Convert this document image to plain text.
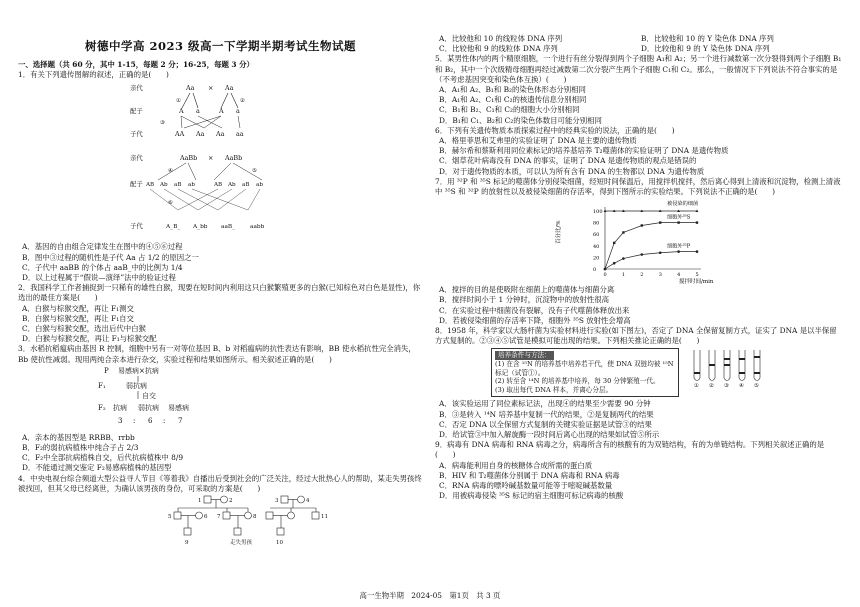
树德中学高 2023 级高一下学期半期考试生物试题

一、选择题（共 60 分，其中 1-15，每题 2 分；16-25，每题 3 分）

1．有关下列遗传图解的叙述，正确的是(　　)

亲代	Aa × Aa
①	②
配子	A a	A a
③
子代	AA Aa Aa aa
亲代	AaBb × AaBb
④	⑤
配子 AB Ab aB ab	AB Ab aB ab
⑥
子代	A_B_ A_bb aaB_	aabb

A．基因的自由组合定律发生在图中的④⑤⑥过程

B．图中③过程的随机性是子代 Aa 占 1/2 的原因之一

C．子代中 aaBB 的个体占 aaB_中的比例为 1/4

D．以上过程属于“假说—演绎”法中的验证过程

2．我国科学工作者捕捉到一只稀有的雄性白猴，现要在短时间内利用这只白猴繁殖更多的白猴(已知棕色对白色是显性)，你选出的最佳方案是(　　)

A．白猴与棕猴交配，再让 F₁测交

B．白猴与棕猴交配，再让 F₁自交

C．白猴与棕猴交配，选出后代中白猴

D．白猴与棕猴交配，再让 F₁与棕猴交配

3．水稻抗稻瘟病由基因 R 控制，细胞中另有一对等位基因 B、b 对稻瘟病的抗性表达有影响，BB 使水稻抗性完全消失，Bb 使抗性减弱。现用两纯合亲本进行杂交，实验过程和结果如图所示。相关叙述正确的是(　　)

P 易感病×抗病
F₁	弱抗病
自交
F₂ 抗病 弱抗病 易感病
3 : 6 : 7

A．亲本的基因型是 RRBB、rrbb

B．F₂的弱抗病植株中纯合子占 2/3

C．F₂中全部抗病植株自交，后代抗病植株中 8/9

D．不能通过测交鉴定 F₂易感病植株的基因型

4．中央电视台综合频道大型公益寻人节目《等着我》自播出后受到社会的广泛关注，经过大批热心人的帮助，某走失男孩终被找回，但其父母已经离世，为确认该男孩的身份，可采取的方案是(　　)

1	2	3	4
5	6 7	8
9	走失男孩	10
11

A．比较他和 10 的线粒体 DNA 序列	B．比较他和 10 的 Y 染色体 DNA 序列

C．比较他和 9 的线粒体 DNA 序列	D．比较他和 9 的 Y 染色体 DNA 序列

5．某男性体内的两个精原细胞，一个进行有丝分裂得到两个子细胞 A₁和 A₂；另一个进行减数第一次分裂得到两个子细胞 B₁和 B₂，其中一个次级精母细胞再经过减数第二次分裂产生两个子细胞 C₁和 C₂。那么，一般情况下下列说法不符合事实的是（不考虑基因突变和染色体互换）(　　)

A．A₁和 A₂、B₁和 B₂的染色体形态分别相同

B．A₁和 A₂、C₁和 C₂的核遗传信息分别相同

C．B₁和 B₂、C₁和 C₂的细胞大小分别相同

D．B₁和 C₁、B₂和 C₂的染色体数目可能分别相同

6．下列有关遗传物质本质探索过程中的经典实验的说法，正确的是(　　)

A．格里菲思和艾弗里的实验证明了 DNA 是主要的遗传物质

B．赫尔希和蔡斯利用同位素标记的培养基培养 T₂噬菌体的实验证明了 DNA 是遗传物质

C．烟草花叶病毒没有 DNA 的事实，证明了 DNA 是遗传物质的观点是错误的

D．对于遗传物质的本质，可以认为所有含有 DNA 的生物都以 DNA 为遗传物质

7．用 ³²P 和 ³⁵S 标记的噬菌体分别侵染细菌，经短时间保温后，用搅拌机搅拌，然后离心得到上清液和沉淀物，检测上清液中 ³⁵S 和 ³²P 的放射性以及被侵染细菌的存活率，得到下图所示的实验结果。下列说法不正确的是(　　)

0	1	2	3	4	5
0
20
40
60
80
100
百分比/%
搅拌时间/min
被侵染的细菌
细胞外³⁵S
细胞外³²P

A．搅拌的目的是使吸附在细菌上的噬菌体与细菌分离

B．搅拌时间小于 1 分钟时，沉淀物中的放射性很高

C．在实验过程中细菌没有裂解，没有子代噬菌体释放出来

D．若被侵染细菌的存活率下降，细胞外 ³⁵S 放射性会增高

8．1958 年，科学家以大肠杆菌为实验材料进行实验(如下图左)，否定了 DNA 全保留复制方式，证实了 DNA 是以半保留方式复制的。②③④⑤试管是模拟可能出现的结果。下列相关推论正确的是(　　)

培养条件与方法：
(1) 在含 ¹⁵N 的培养基中培养若干代，使 DNA 双链均被 ¹⁵N 标记（试管①）。
(2) 转至含 ¹⁴N 的培养基中培养，每 30 分钟繁殖一代。
(3) 取出每代 DNA 样本，并离心分层。	① ② ③ ④ ⑤

A．该实验运用了同位素标记法，出现④的结果至少需要 90 分钟

B．③是转入 ¹⁴N 培养基中复制一代的结果，②是复制两代的结果

C．否定 DNA 以全保留方式复制的关键实验证据是试管③的结果

D．给试管③中加入解旋酶一段时间后离心出现的结果如试管⑤所示

9．病毒有 DNA 病毒和 RNA 病毒之分，病毒所含有的核酸有的为双链结构，有的为单链结构。下列相关叙述正确的是(　　)

A．病毒能利用自身的核糖体合成所需的蛋白质

B．HIV 和 T₂噬菌体分别属于 DNA 病毒和 RNA 病毒

C．RNA 病毒的嘌呤碱基数量可能等于嘧啶碱基数量

D．用被病毒侵染 ³⁵S 标记的宿主细胞可标记病毒的核酸

高一生物半期　2024-05　第1页　共 3 页
